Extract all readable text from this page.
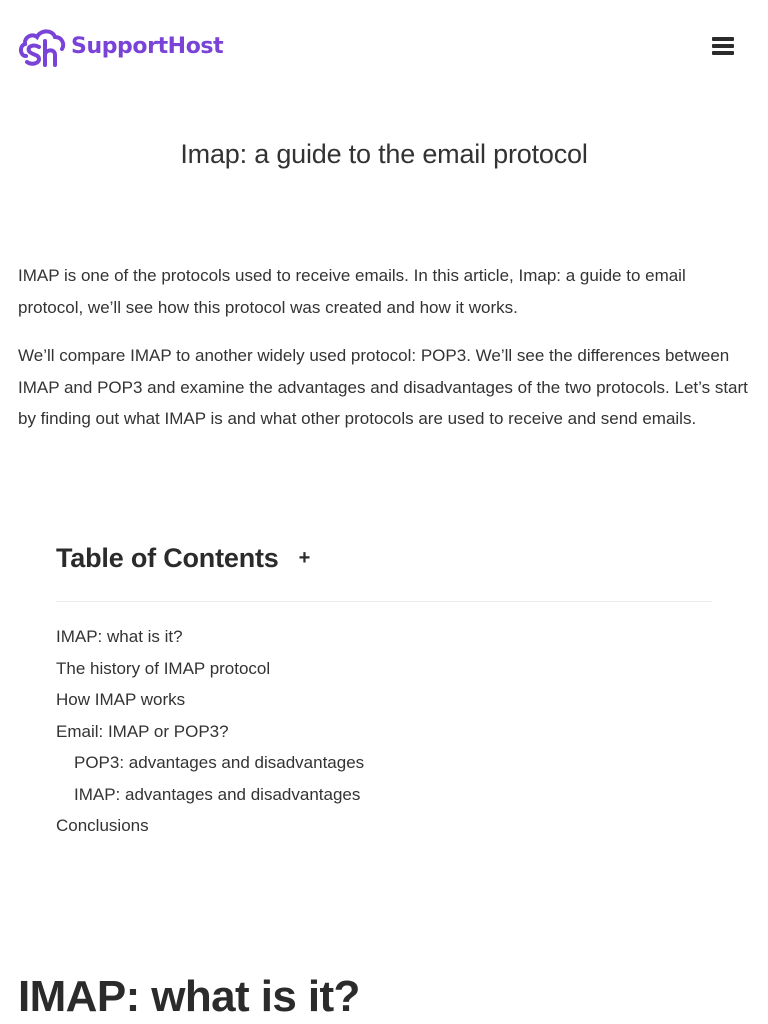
SupportHost
Imap: a guide to the email protocol

IMAP is one of the protocols used to receive emails. In this article, Imap: a guide to email protocol, we’ll see how this protocol was created and how it works.

We’ll compare IMAP to another widely used protocol: POP3. We’ll see the differences between IMAP and POP3 and examine the advantages and disadvantages of the two protocols. Let’s start by finding out what IMAP is and what other protocols are used to receive and send emails.

Table of Contents +
IMAP: what is it?
The history of IMAP protocol
How IMAP works
Email: IMAP or POP3?
POP3: advantages and disadvantages
IMAP: advantages and disadvantages
Conclusions
IMAP: what is it?
